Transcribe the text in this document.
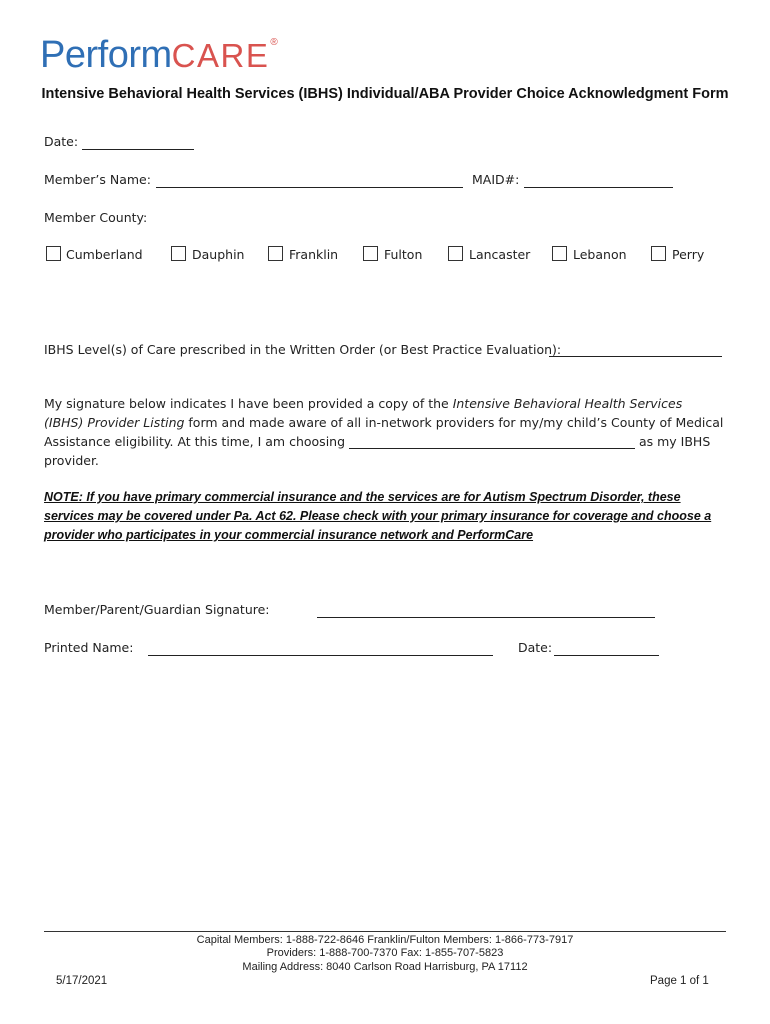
PerformCARE®
Intensive Behavioral Health Services (IBHS) Individual/ABA Provider Choice Acknowledgment Form
Date:
Member’s Name:	MAID#:
Member County:
Cumberland	Dauphin	Franklin	Fulton	Lancaster	Lebanon	Perry
IBHS Level(s) of Care prescribed in the Written Order (or Best Practice Evaluation):
My signature below indicates I have been provided a copy of the Intensive Behavioral Health Services (IBHS) Provider Listing form and made aware of all in-network providers for my/my child’s County of Medical Assistance eligibility. At this time, I am choosing	as my IBHS provider.
NOTE: If you have primary commercial insurance and the services are for Autism Spectrum Disorder, these services may be covered under Pa. Act 62. Please check with your primary insurance for coverage and choose a provider who participates in your commercial insurance network and PerformCare
Member/Parent/Guardian Signature:
Printed Name:	Date:
Capital Members: 1-888-722-8646 Franklin/Fulton Members: 1-866-773-7917
Providers: 1-888-700-7370 Fax: 1-855-707-5823
Mailing Address: 8040 Carlson Road Harrisburg, PA 17112
5/17/2021	Page 1 of 1
